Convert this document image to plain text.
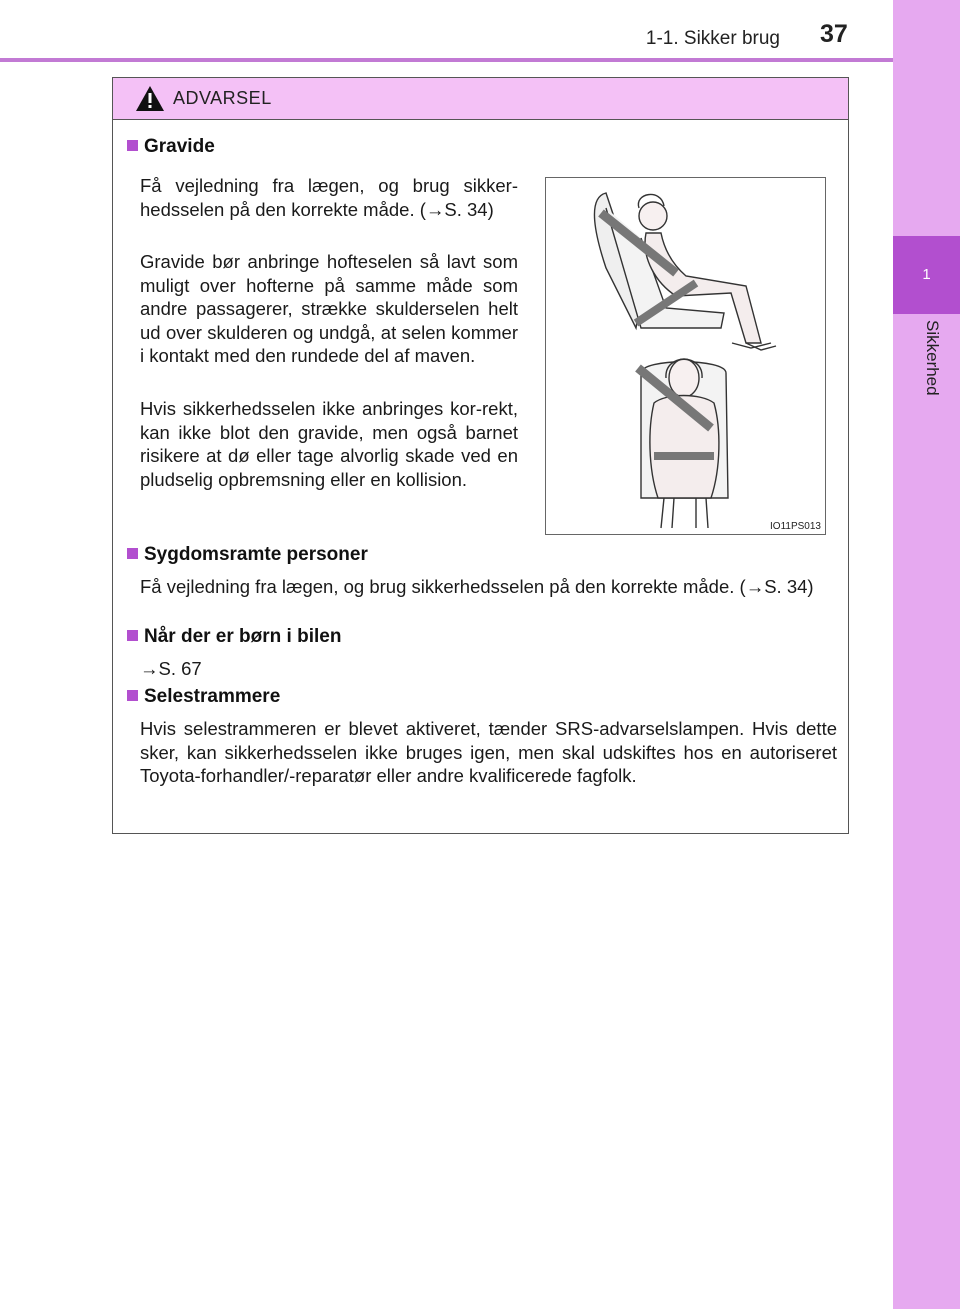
1
Sikkerhed
1-1. Sikker brug 37
ADVARSEL
Gravide
Få vejledning fra lægen, og brug sikker-hedsselen på den korrekte måde. (→S. 34)
Gravide bør anbringe hofteselen så lavt som muligt over hofterne på samme måde som andre passagerer, strække skulderselen helt ud over skulderen og undgå, at selen kommer i kontakt med den rundede del af maven.
Hvis sikkerhedsselen ikke anbringes kor-rekt, kan ikke blot den gravide, men også barnet risikere at dø eller tage alvorlig skade ved en pludselig opbremsning eller en kollision.
IO11PS013
Sygdomsramte personer
Få vejledning fra lægen, og brug sikkerhedsselen på den korrekte måde. (→S. 34)
Når der er børn i bilen
→S. 67
Selestrammere
Hvis selestrammeren er blevet aktiveret, tænder SRS-advarselslampen. Hvis dette sker, kan sikkerhedsselen ikke bruges igen, men skal udskiftes hos en autoriseret Toyota-forhandler/-reparatør eller andre kvalificerede fagfolk.
